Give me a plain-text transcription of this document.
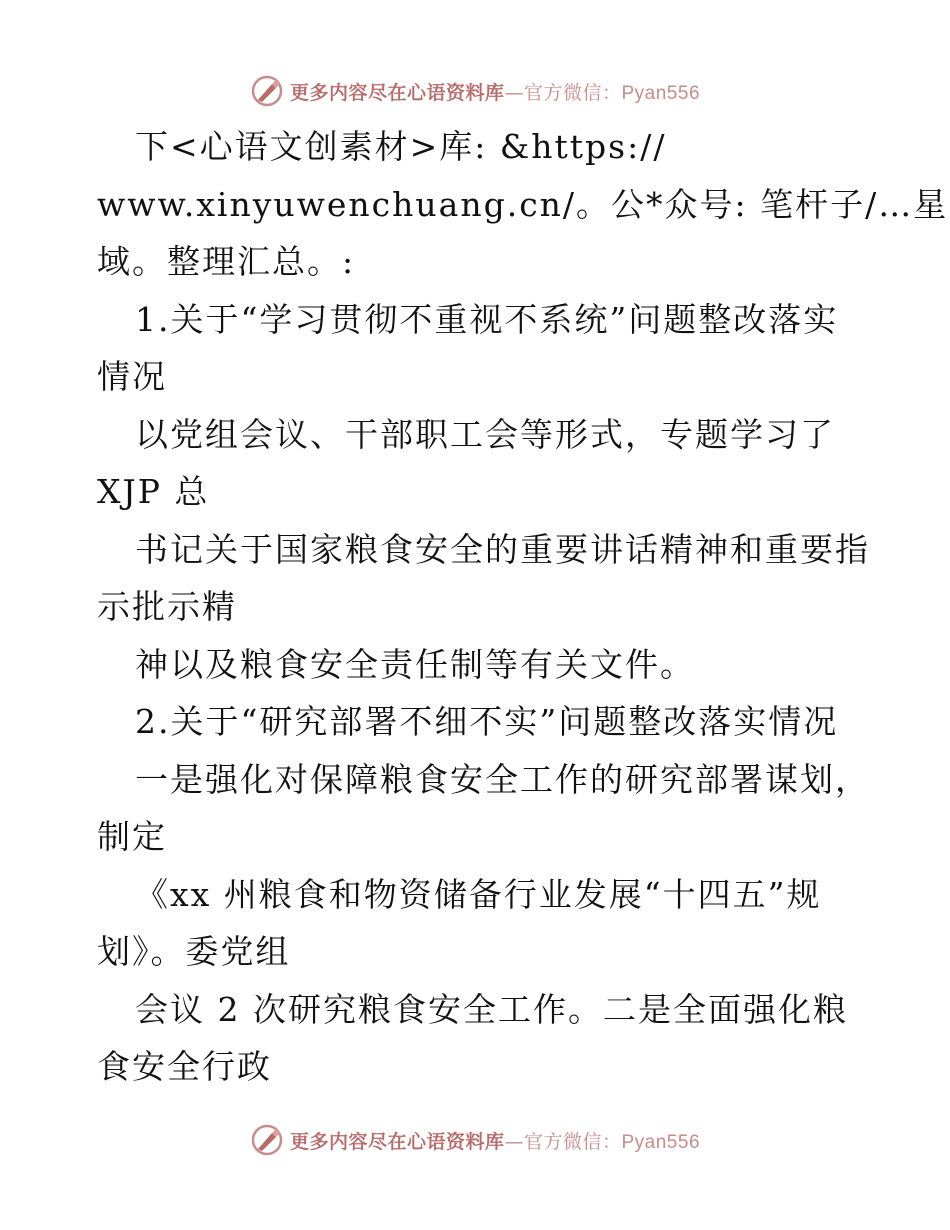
更多内容尽在心语资料库—官方微信：Pyan556
下<心语文创素材>库: &https://
www.xinyuwenchuang.cn/。公*众号: 笔杆子/…星
域。整理汇总。:
1.关于“学习贯彻不重视不系统”问题整改落实
情况
以党组会议、干部职工会等形式，专题学习了
XJP 总
书记关于国家粮食安全的重要讲话精神和重要指
示批示精
神以及粮食安全责任制等有关文件。
2.关于“研究部署不细不实”问题整改落实情况
一是强化对保障粮食安全工作的研究部署谋划，
制定
《xx 州粮食和物资储备行业发展“十四五”规
划》。委党组
会议 2 次研究粮食安全工作。二是全面强化粮
食安全行政
更多内容尽在心语资料库—官方微信：Pyan556
